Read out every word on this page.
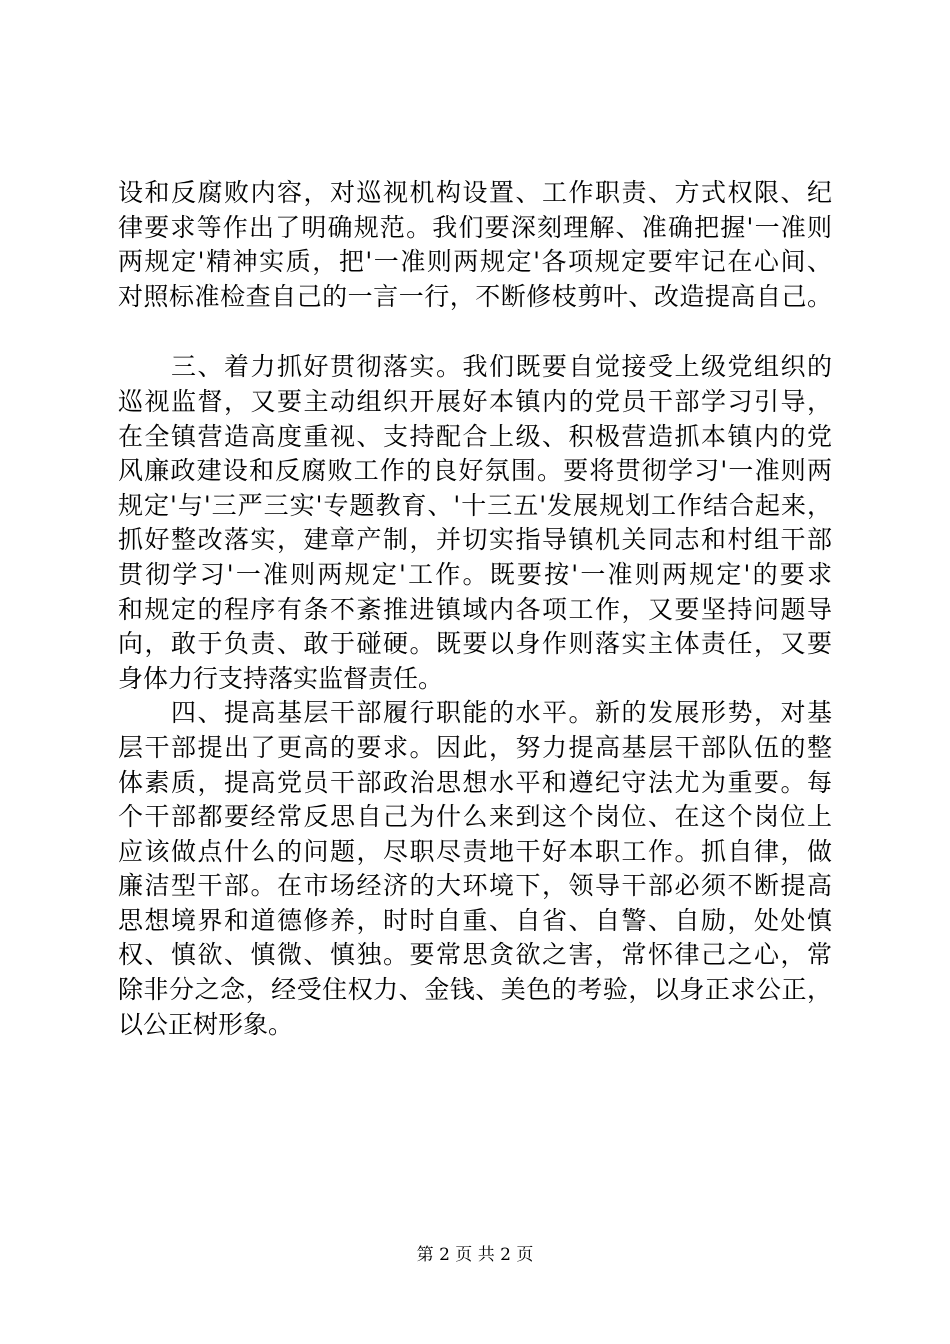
设和反腐败内容，对巡视机构设置、工作职责、方式权限、纪
律要求等作出了明确规范。我们要深刻理解、准确把握'一准则
两规定'精神实质，把'一准则两规定'各项规定要牢记在心间、
对照标准检查自己的一言一行，不断修枝剪叶、改造提高自己。
　　三、着力抓好贯彻落实。我们既要自觉接受上级党组织的
巡视监督，又要主动组织开展好本镇内的党员干部学习引导，
在全镇营造高度重视、支持配合上级、积极营造抓本镇内的党
风廉政建设和反腐败工作的良好氛围。要将贯彻学习'一准则两
规定'与'三严三实'专题教育、'十三五'发展规划工作结合起来，
抓好整改落实，建章产制，并切实指导镇机关同志和村组干部
贯彻学习'一准则两规定'工作。既要按'一准则两规定'的要求
和规定的程序有条不紊推进镇域内各项工作，又要坚持问题导
向，敢于负责、敢于碰硬。既要以身作则落实主体责任，又要
身体力行支持落实监督责任。
　　四、提高基层干部履行职能的水平。新的发展形势，对基
层干部提出了更高的要求。因此，努力提高基层干部队伍的整
体素质，提高党员干部政治思想水平和遵纪守法尤为重要。每
个干部都要经常反思自己为什么来到这个岗位、在这个岗位上
应该做点什么的问题，尽职尽责地干好本职工作。抓自律，做
廉洁型干部。在市场经济的大环境下，领导干部必须不断提高
思想境界和道德修养，时时自重、自省、自警、自励，处处慎
权、慎欲、慎微、慎独。要常思贪欲之害，常怀律己之心，常
除非分之念，经受住权力、金钱、美色的考验，以身正求公正，
以公正树形象。
第 2 页 共 2 页
